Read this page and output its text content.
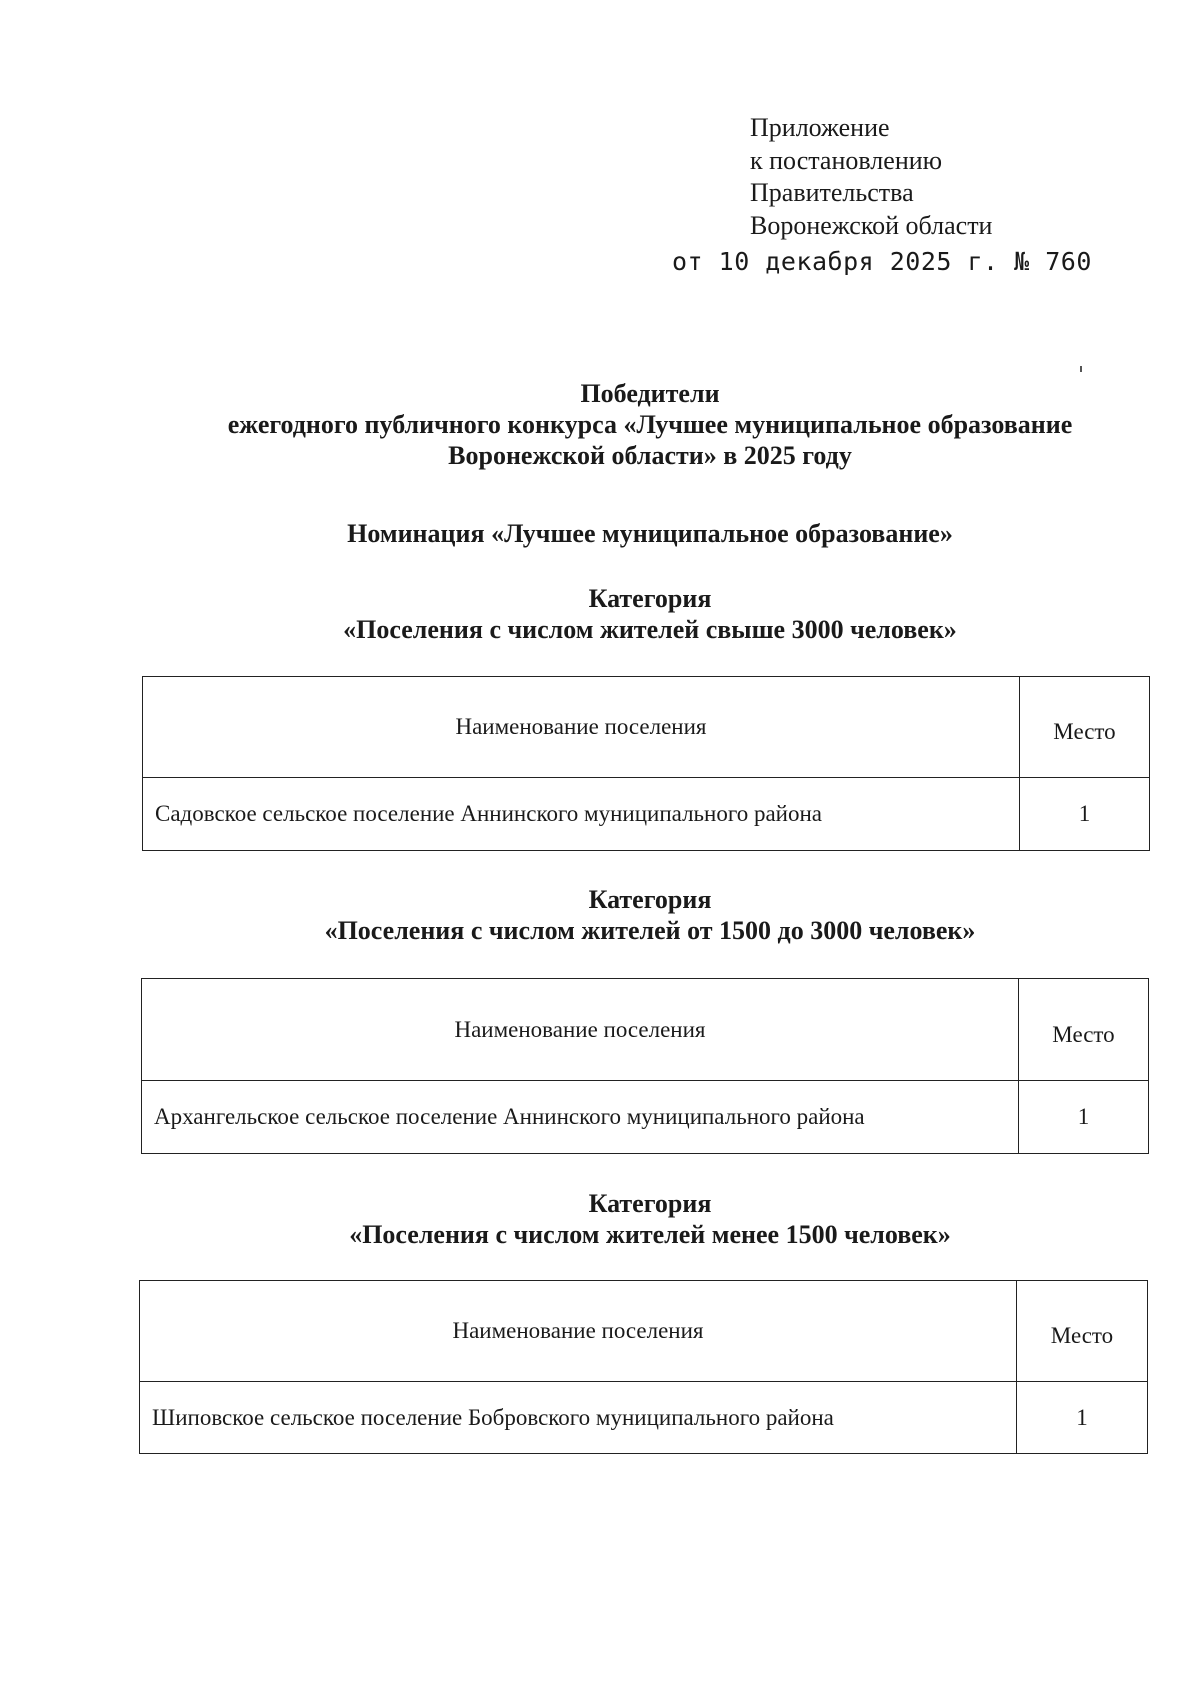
Приложение
к постановлению
Правительства
Воронежской области
от 10 декабря 2025 г. № 760
Победители
ежегодного публичного конкурса «Лучшее муниципальное образование
Воронежской области» в 2025 году
Номинация «Лучшее муниципальное образование»
Категория
«Поселения с числом жителей свыше 3000 человек»
Наименование поселения	Место
Садовское сельское поселение Аннинского муниципального района	1
Категория
«Поселения с числом жителей от 1500 до 3000 человек»
Наименование поселения	Место
Архангельское сельское поселение Аннинского муниципального района	1
Категория
«Поселения с числом жителей менее 1500 человек»
Наименование поселения	Место
Шиповское сельское поселение Бобровского муниципального района	1
